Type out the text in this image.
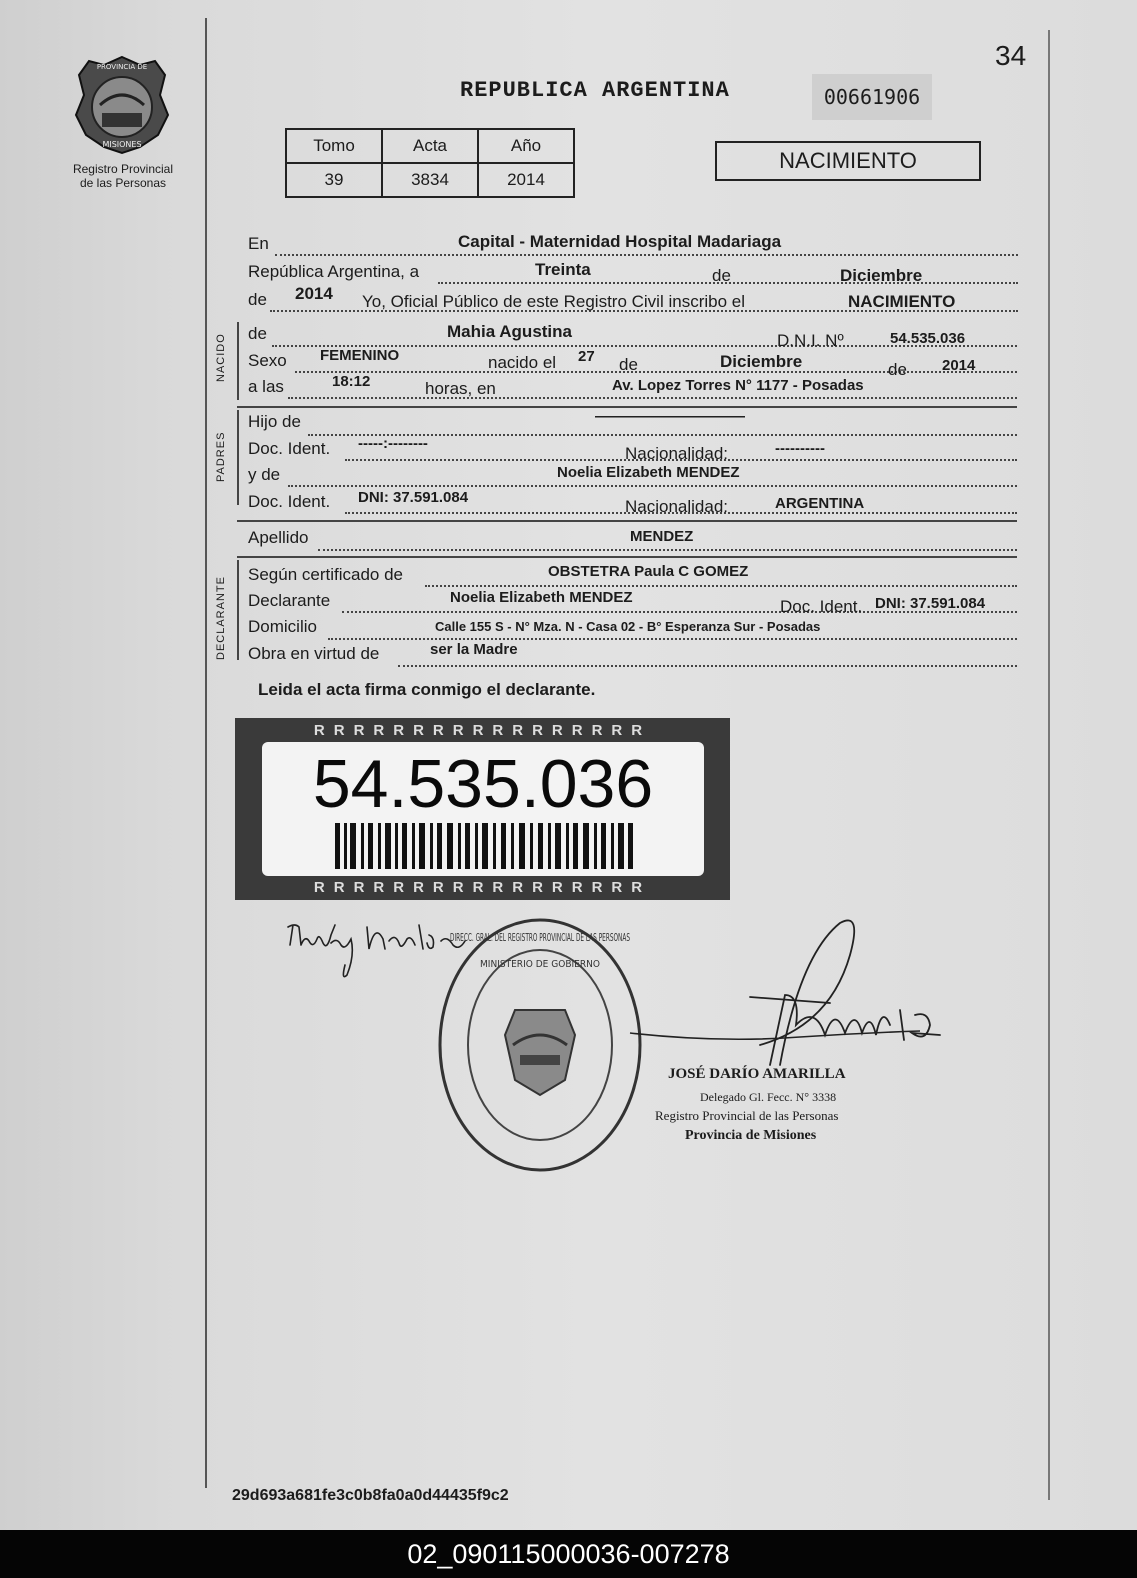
34
PROVINCIA DE
MISIONES
Registro Provincial
de las Personas
REPUBLICA ARGENTINA	00661906
Tomo	Acta	Año
39	3834	2014
NACIMIENTO
En	Capital - Maternidad Hospital Madariaga
República Argentina, a	Treinta	de	Diciembre
de 2014 Yo, Oficial Público de este Registro Civil inscribo el	NACIMIENTO
NACIDO de	Mahia Agustina	D.N.I. Nº	54.535.036
Sexo FEMENINO	nacido el 27 de	Diciembre	de 2014
a las	18:12	horas, en	Av. Lopez Torres N° 1177 - Posadas
PADRES
Hijo de	——————————
Doc. Ident. -----:--------
Nacionalidad:	----------
y de	Noelia Elizabeth MENDEZ
Doc. Ident. DNI: 37.591.084	Nacionalidad:	ARGENTINA
Apellido	MENDEZ
DECLARANTE
Según certificado de	OBSTETRA Paula C GOMEZ
Declarante	Noelia Elizabeth MENDEZ	Doc. Ident. DNI: 37.591.084
Domicilio	Calle 155 S - N° Mza. N - Casa 02 - B° Esperanza Sur - Posadas
Obra en virtud de	ser la Madre
Leida el acta firma conmigo el declarante.
RRRRRRRRRRRRRRRRR
RRRRRRRRRRRRRRRRR
54.535.036
DIRECC. GRAL. DEL REGISTRO PROVINCIAL DE LAS PERSONAS
MINISTERIO DE GOBIERNO
JOSÉ DARÍO AMARILLA
Delegado Gl. Fecc. N° 3338
Registro Provincial de las Personas
Provincia de Misiones
29d693a681fe3c0b8fa0a0d44435f9c2
02_090115000036-007278
